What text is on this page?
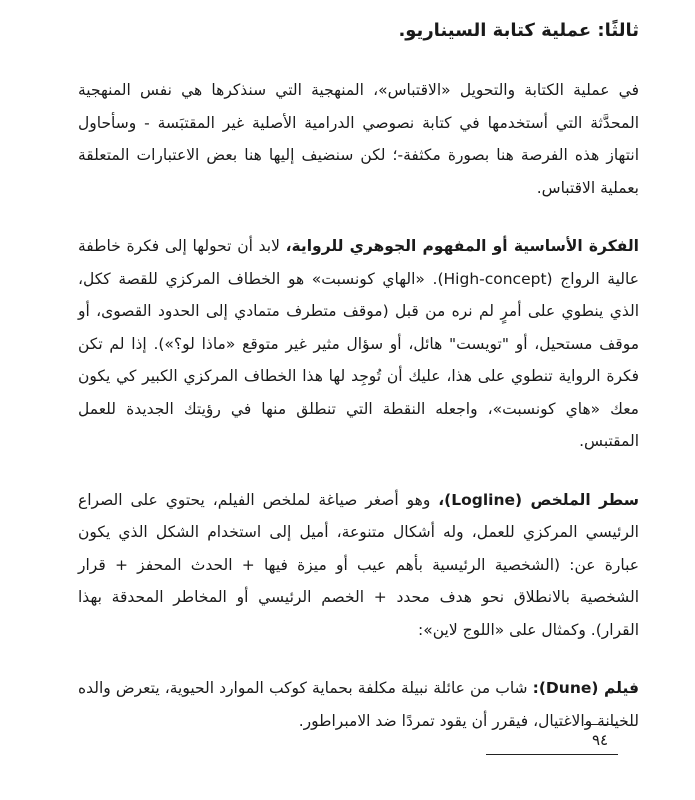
ثالثًا: عملية كتابة السيناريو.

في عملية الكتابة والتحويل «الاقتباس»، المنهجية التي سنذكرها هي نفس المنهجية المحدَّثة التي أستخدمها في كتابة نصوصي الدرامية الأصلية غير المقتبَسة - وسأحاول انتهاز هذه الفرصة هنا بصورة مكثفة-؛ لكن سنضيف إليها هنا بعض الاعتبارات المتعلقة بعملية الاقتباس.

الفكرة الأساسية أو المفهوم الجوهري للرواية، لابد أن تحولها إلى فكرة خاطفة عالية الرواج (High-concept). «الهاي كونسبت» هو الخطاف المركزي للقصة ككل، الذي ينطوي على أمرٍ لم نره من قبل (موقف متطرف متمادي إلى الحدود القصوى، أو موقف مستحيل، أو "تويست" هائل، أو سؤال مثير غير متوقع «ماذا لو؟»). إذا لم تكن فكرة الرواية تنطوي على هذا، عليك أن تُوجِد لها هذا الخطاف المركزي الكبير كي يكون معك «هاي كونسبت»، واجعله النقطة التي تنطلق منها في رؤيتك الجديدة للعمل المقتبس.

سطر الملخص (Logline)، وهو أصغر صياغة لملخص الفيلم، يحتوي على الصراع الرئيسي المركزي للعمل، وله أشكال متنوعة، أميل إلى استخدام الشكل الذي يكون عبارة عن: (الشخصية الرئيسية بأهم عيب أو ميزة فيها + الحدث المحفز + قرار الشخصية بالانطلاق نحو هدف محدد + الخصم الرئيسي أو المخاطر المحدقة بهذا القرار). وكمثال على «اللوج لاين»:

فيلم (Dune): شاب من عائلة نبيلة مكلفة بحماية كوكب الموارد الحيوية، يتعرض والده للخيانة والاغتيال، فيقرر أن يقود تمردًا ضد الامبراطور.

٩٤
